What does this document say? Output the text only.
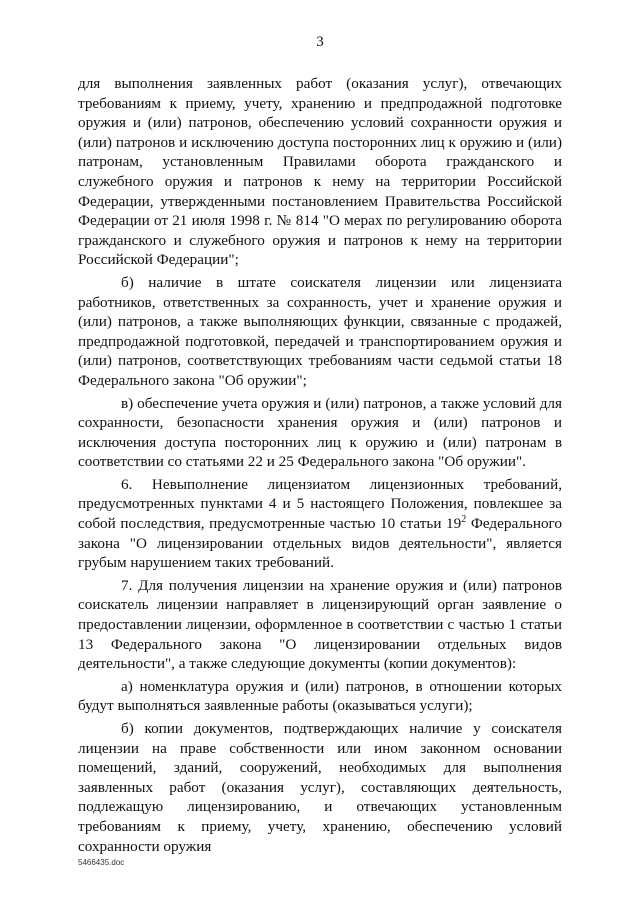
3

для выполнения заявленных работ (оказания услуг), отвечающих требованиям к приему, учету, хранению и предпродажной подготовке оружия и (или) патронов, обеспечению условий сохранности оружия и (или) патронов и исключению доступа посторонних лиц к оружию и (или) патронам, установленным Правилами оборота гражданского и служебного оружия и патронов к нему на территории Российской Федерации, утвержденными постановлением Правительства Российской Федерации от 21 июля 1998 г. № 814 "О мерах по регулированию оборота гражданского и служебного оружия и патронов к нему на территории Российской Федерации";

б) наличие в штате соискателя лицензии или лицензиата работников, ответственных за сохранность, учет и хранение оружия и (или) патронов, а также выполняющих функции, связанные с продажей, предпродажной подготовкой, передачей и транспортированием оружия и (или) патронов, соответствующих требованиям части седьмой статьи 18 Федерального закона "Об оружии";

в) обеспечение учета оружия и (или) патронов, а также условий для сохранности, безопасности хранения оружия и (или) патронов и исключения доступа посторонних лиц к оружию и (или) патронам в соответствии со статьями 22 и 25 Федерального закона "Об оружии".

6. Невыполнение лицензиатом лицензионных требований, предусмотренных пунктами 4 и 5 настоящего Положения, повлекшее за собой последствия, предусмотренные частью 10 статьи $19^2$ Федерального закона "О лицензировании отдельных видов деятельности", является грубым нарушением таких требований.

7. Для получения лицензии на хранение оружия и (или) патронов соискатель лицензии направляет в лицензирующий орган заявление о предоставлении лицензии, оформленное в соответствии с частью 1 статьи 13 Федерального закона "О лицензировании отдельных видов деятельности", а также следующие документы (копии документов):

а) номенклатура оружия и (или) патронов, в отношении которых будут выполняться заявленные работы (оказываться услуги);

б) копии документов, подтверждающих наличие у соискателя лицензии на праве собственности или ином законном основании помещений, зданий, сооружений, необходимых для выполнения заявленных работ (оказания услуг), составляющих деятельность, подлежащую лицензированию, и отвечающих установленным требованиям к приему, учету, хранению, обеспечению условий сохранности оружия

5466435.doc
